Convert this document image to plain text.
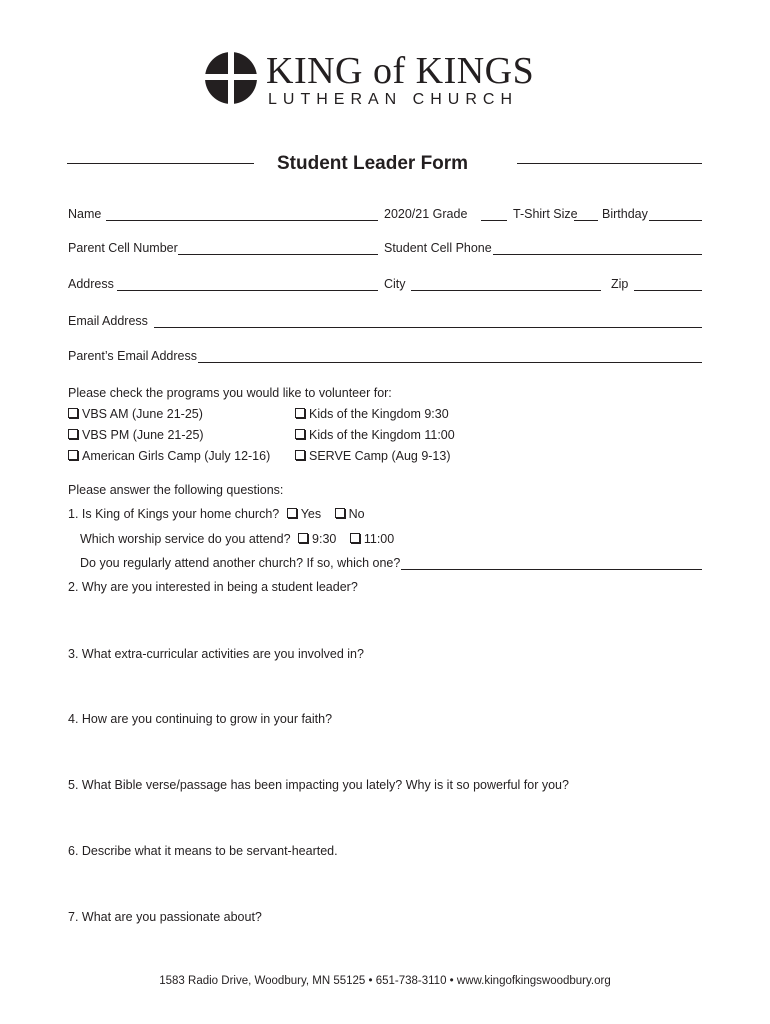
KING of KINGS
LUTHERAN CHURCH
Student Leader Form
Name	2020/21 Grade	T-Shirt Size Birthday
Parent Cell Number	Student Cell Phone
Address	City	Zip
Email Address
Parent’s Email Address
Please check the programs you would like to volunteer for:
VBS AM (June 21-25)
VBS PM (June 21-25)
American Girls Camp (July 12-16)
Kids of the Kingdom 9:30
Kids of the Kingdom 11:00
SERVE Camp (Aug 9-13)
Please answer the following questions:
1. Is King of Kings your home church? Yes No
Which worship service do you attend? 9:30 11:00
Do you regularly attend another church? If so, which one?
2. Why are you interested in being a student leader?
3. What extra-curricular activities are you involved in?
4. How are you continuing to grow in your faith?
5. What Bible verse/passage has been impacting you lately? Why is it so powerful for you?
6. Describe what it means to be servant-hearted.
7. What are you passionate about?
1583 Radio Drive, Woodbury, MN 55125 • 651-738-3110 • www.kingofkingswoodbury.org
